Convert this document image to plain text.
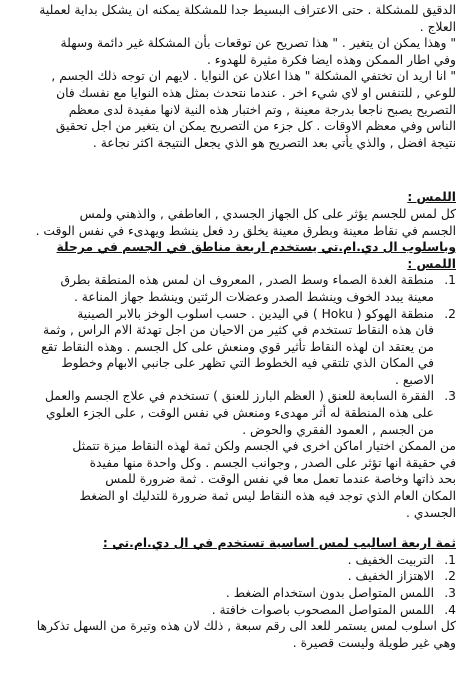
الدقيق للمشكلة . حتى الاعتراف البسيط جدا للمشكلة يمكنه ان يشكل بداية لعملية

العلاج .

" وهذا يمكن ان يتغير . " هذا تصريح عن توقعات بأن المشكلة غير دائمة وسهلة

وفي اطار الممكن وهذه ايضا فكرة مثيرة للهدوء .

" انا اريد ان تختفي المشكلة " هذا اعلان عن النوايا . لايهم ان توجه ذلك الجسم ,

للوعي , للتنفس او لاي شيء اخر . عندما نتحدث بمثل هذه النوايا مع نفسك فان

التصريح يصبح ناجعا بدرجة معينة , وتم اختبار هذه النية لانها مفيدة لدى معظم

الناس وفي معظم الاوقات . كل جزء من التصريح يمكن ان يتغير من اجل تحقيق

نتيجة افضل , والذي يأتي بعد التصريح هو الذي يجعل النتيجة اكثر نجاعة .

اللمس :

كل لمس للجسم يؤثر على كل الجهاز الجسدي , العاطفي , والذهني ولمس

الجسم في نقاط معينة وبطرق معينة يخلق رد فعل ينشط ويهدىء في نفس الوقت .

وباسلوب ال دي.ام.تي يستخدم اربعة مناطق في الجسم في مرحلة اللمس :

1.
منطقة الغدة الصماء وسط الصدر , المعروف ان لمس هذه المنطقة بطرق
معينة يبدد الخوف وينشط الصدر وعضلات الرئتين وينشط جهاز المناعة .
2.
منطقة الهوكو ( Hoku ) في اليدين . حسب اسلوب الوخز بالابر الصينية
فان هذه النقاط تستخدم في كثير من الاحيان من اجل تهدئة الام الراس , وثمة
من يعتقد ان لهذه النقاط تأثير قوي ومنعش على كل الجسم . وهذه النقاط تقع
في المكان الذي تلتقي فيه الخطوط التي تظهر على جانبي الابهام وخطوط
الاصبع .
3.
الفقرة السابعة للعنق ( العظم البارز للعنق ) تستخدم في علاج الجسم والعمل
على هذه المنطقة له أثر مهدىء ومنعش في نفس الوقت , على الجزء العلوي
من الجسم , العمود الفقري والحوض .

من الممكن اختيار اماكن اخرى في الجسم ولكن ثمة لهذه النقاط ميزة تتمثل

في حقيقة انها تؤثر على الصدر , وجوانب الجسم . وكل واحدة منها مفيدة

بحد ذاتها وخاصة عندما تعمل معا في نفس الوقت . ثمة ضرورة للمس

المكان العام الذي توجد فيه هذه النقاط ليس ثمة ضرورة للتدليك او الضغط

الجسدي .

ثمة اربعة اساليب لمس اساسية تستخدم في ال دي.ام.تي :

1.
التربيت الخفيف .
2.
الاهتزاز الخفيف .
3.
اللمس المتواصل بدون استخدام الضغط .
4.
اللمس المتواصل المصحوب باصوات خافتة .

كل اسلوب لمس يستمر للعد الى رقم سبعة , ذلك لان هذه وتيرة من السهل تذكرها

وهي غير طويلة وليست قصيرة .
